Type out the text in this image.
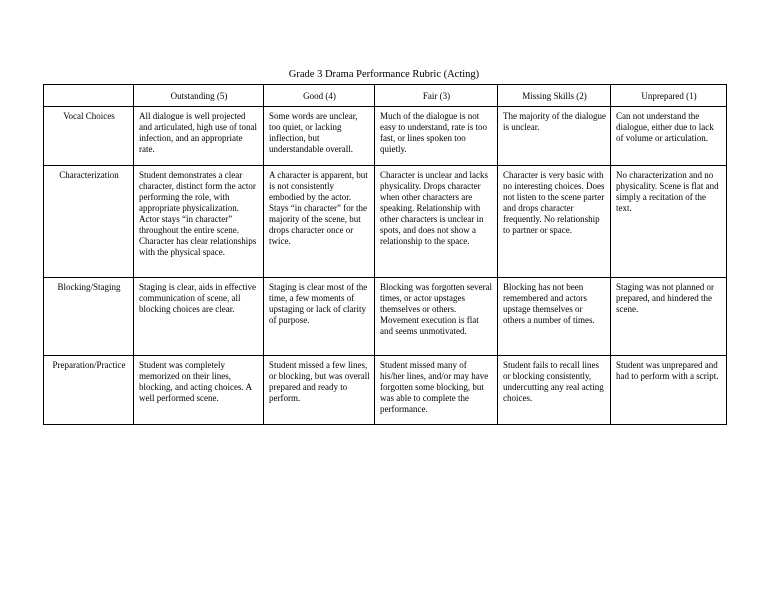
Grade 3 Drama Performance Rubric (Acting)
	Outstanding (5)	Good (4)	Fair (3)	Missing Skills (2)	Unprepared (1)
Vocal Choices	All dialogue is well projected and articulated, high use of tonal infection, and an appropriate rate.	Some words are unclear, too quiet, or lacking inflection, but understandable overall.	Much of the dialogue is not easy to understand, rate is too fast, or lines spoken too quietly.	The majority of the dialogue is unclear.	Can not understand the dialogue, either due to lack of volume or articulation.
Characterization	Student demonstrates a clear character, distinct form the actor performing the role, with appropriate physicalization. Actor stays “in character” throughout the entire scene. Character has clear relationships with the physical space.	A character is apparent, but is not consistently embodied by the actor. Stays “in character” for the majority of the scene, but drops character once or twice.	Character is unclear and lacks physicality. Drops character when other characters are speaking. Relationship with other characters is unclear in spots, and does not show a relationship to the space.	Character is very basic with no interesting choices. Does not listen to the scene parter and drops character frequently. No relationship to partner or space.	No characterization and no physicality. Scene is flat and simply a recitation of the text.
Blocking/Staging	Staging is clear, aids in effective communication of scene, all blocking choices are clear.	Staging is clear most of the time, a few moments of upstaging or lack of clarity of purpose.	Blocking was forgotten several times, or actor upstages themselves or others. Movement execution is flat and seems unmotivated.	Blocking has not been remembered and actors upstage themselves or others a number of times.	Staging was not planned or prepared, and hindered the scene.
Preparation/Practice	Student was completely memorized on their lines, blocking, and acting choices. A well performed scene.	Student missed a few lines, or blocking, but was overall prepared and ready to perform.	Student missed many of his/her lines, and/or may have forgotten some blocking, but was able to complete the performance.	Student fails to recall lines or blocking consistently, undercutting any real acting choices.	Student was unprepared and had to perform with a script.
